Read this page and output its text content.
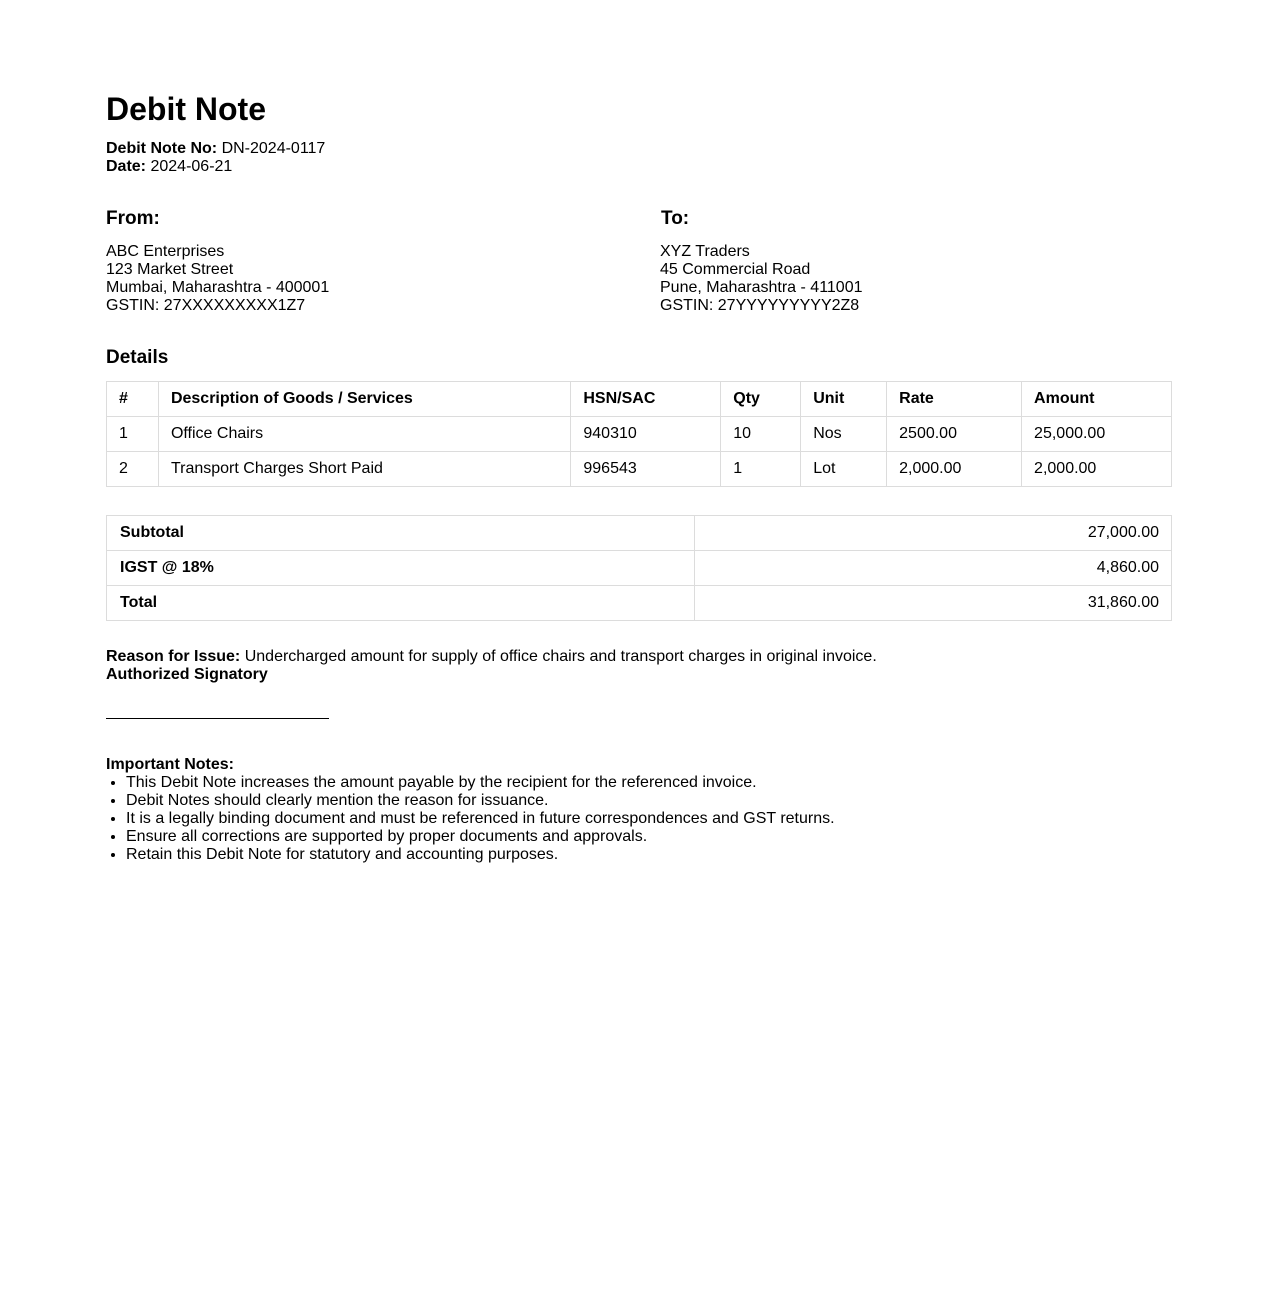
Debit Note
Debit Note No: DN-2024-0117
Date: 2024-06-21
From:
ABC Enterprises
123 Market Street
Mumbai, Maharashtra - 400001
GSTIN: 27XXXXXXXXX1Z7
To:
XYZ Traders
45 Commercial Road
Pune, Maharashtra - 411001
GSTIN: 27YYYYYYYYY2Z8
Details
#	Description of Goods / Services	HSN/SAC	Qty	Unit	Rate	Amount
1	Office Chairs	940310	10	Nos	2500.00	25,000.00
2	Transport Charges Short Paid	996543	1	Lot	2,000.00	2,000.00
Subtotal	27,000.00
IGST @ 18%	4,860.00
Total	31,860.00
Reason for Issue: Undercharged amount for supply of office chairs and transport charges in original invoice.
Authorized Signatory
Important Notes:
• This Debit Note increases the amount payable by the recipient for the referenced invoice.
• Debit Notes should clearly mention the reason for issuance.
• It is a legally binding document and must be referenced in future correspondences and GST returns.
• Ensure all corrections are supported by proper documents and approvals.
• Retain this Debit Note for statutory and accounting purposes.
